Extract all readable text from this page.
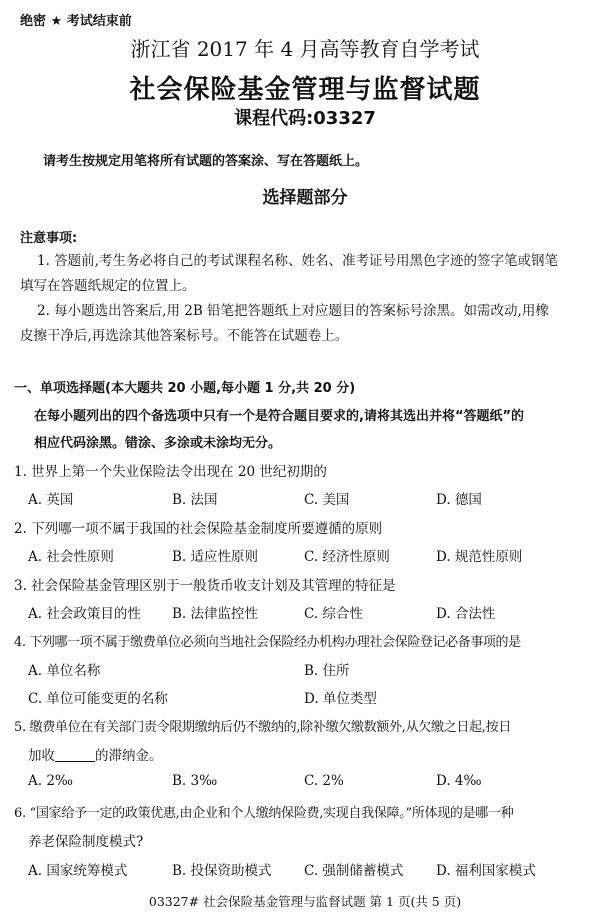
绝密 ★ 考试结束前
浙江省 2017 年 4 月高等教育自学考试
社会保险基金管理与监督试题
课程代码:03327
请考生按规定用笔将所有试题的答案涂、写在答题纸上。
选择题部分
注意事项:
1. 答题前,考生务必将自己的考试课程名称、姓名、准考证号用黑色字迹的签字笔或钢笔
填写在答题纸规定的位置上。
2. 每小题选出答案后,用 2B 铅笔把答题纸上对应题目的答案标号涂黑。如需改动,用橡
皮擦干净后,再选涂其他答案标号。不能答在试题卷上。
一、单项选择题(本大题共 20 小题,每小题 1 分,共 20 分)
在每小题列出的四个备选项中只有一个是符合题目要求的,请将其选出并将“答题纸”的
相应代码涂黑。错涂、多涂或未涂均无分。
1. 世界上第一个失业保险法令出现在 20 世纪初期的
A. 英国	B. 法国	C. 美国	D. 德国
2. 下列哪一项不属于我国的社会保险基金制度所要遵循的原则
A. 社会性原则	B. 适应性原则	C. 经济性原则	D. 规范性原则
3. 社会保险基金管理区别于一般货币收支计划及其管理的特征是
A. 社会政策目的性 B. 法律监控性	C. 综合性	D. 合法性
4. 下列哪一项不属于缴费单位必须向当地社会保险经办机构办理社会保险登记必备事项的是
A. 单位名称	B. 住所
C. 单位可能变更的名称	D. 单位类型
5. 缴费单位在有关部门责令限期缴纳后仍不缴纳的,除补缴欠缴数额外,从欠缴之日起,按日
加收	的滞纳金。
A. 2‰	B. 3‰	C. 2%	D. 4‰
6. “国家给予一定的政策优惠,由企业和个人缴纳保险费,实现自我保障。”所体现的是哪一种
养老保险制度模式?
A. 国家统筹模式	B. 投保资助模式 C. 强制储蓄模式 D. 福利国家模式
03327# 社会保险基金管理与监督试题 第 1 页(共 5 页)
